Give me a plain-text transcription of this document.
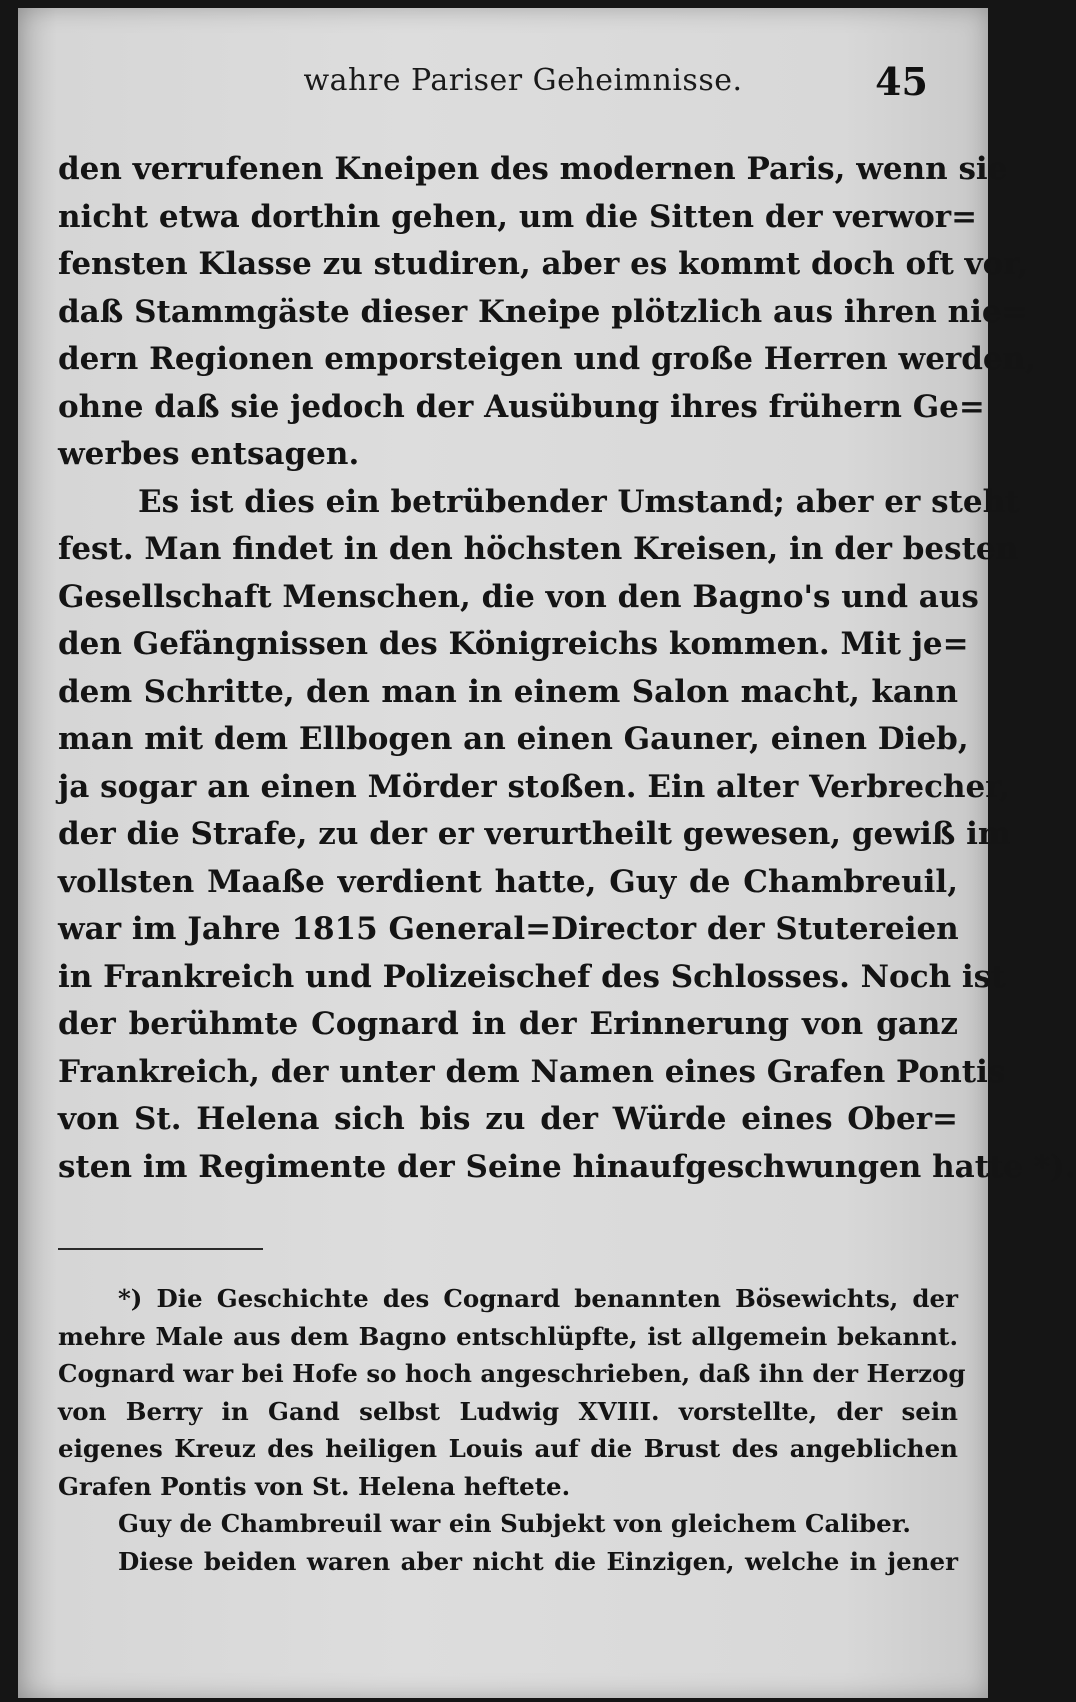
wahre Pariser Geheimnisse.	45
den verrufenen Kneipen des modernen Paris, wenn sie
nicht etwa dorthin gehen, um die Sitten der verwor=
fensten Klasse zu studiren, aber es kommt doch oft vor,
daß Stammgäste dieser Kneipe plötzlich aus ihren nie=
dern Regionen emporsteigen und große Herren werden,
ohne daß sie jedoch der Ausübung ihres frühern Ge=
werbes entsagen.
Es ist dies ein betrübender Umstand; aber er steht
fest. Man findet in den höchsten Kreisen, in der besten
Gesellschaft Menschen, die von den Bagno's und aus
den Gefängnissen des Königreichs kommen. Mit je=
dem Schritte, den man in einem Salon macht, kann
man mit dem Ellbogen an einen Gauner, einen Dieb,
ja sogar an einen Mörder stoßen. Ein alter Verbrecher,
der die Strafe, zu der er verurtheilt gewesen, gewiß im
vollsten Maaße verdient hatte, Guy de Chambreuil,
war im Jahre 1815 General=Director der Stutereien
in Frankreich und Polizeischef des Schlosses. Noch ist
der berühmte Cognard in der Erinnerung von ganz
Frankreich, der unter dem Namen eines Grafen Pontis
von St. Helena sich bis zu der Würde eines Ober=
sten im Regimente der Seine hinaufgeschwungen hatte *).
*) Die Geschichte des Cognard benannten Bösewichts, der
mehre Male aus dem Bagno entschlüpfte, ist allgemein bekannt.
Cognard war bei Hofe so hoch angeschrieben, daß ihn der Herzog
von Berry in Gand selbst Ludwig XVIII. vorstellte, der sein
eigenes Kreuz des heiligen Louis auf die Brust des angeblichen
Grafen Pontis von St. Helena heftete.
Guy de Chambreuil war ein Subjekt von gleichem Caliber.
Diese beiden waren aber nicht die Einzigen, welche in jener
